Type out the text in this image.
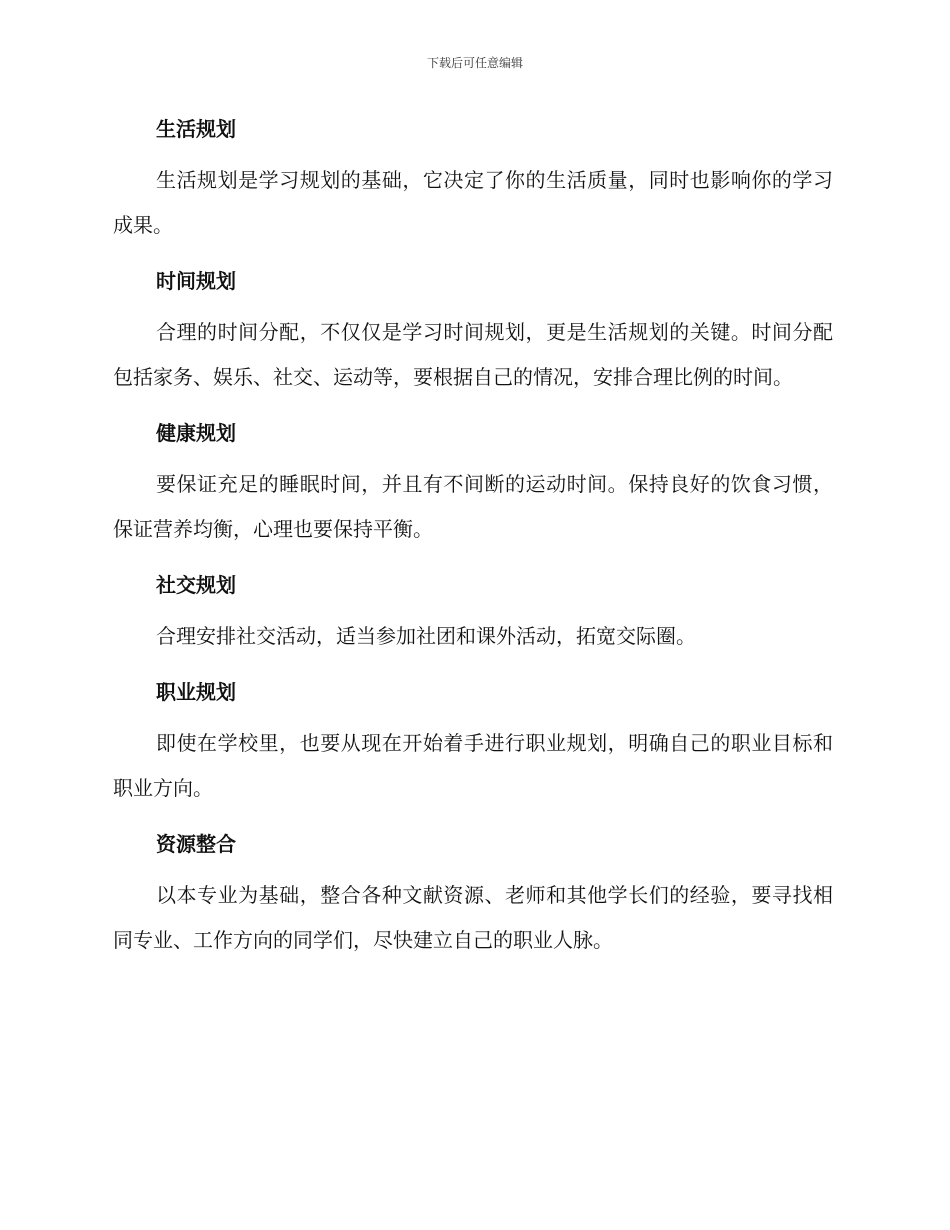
下载后可任意编辑
生活规划

生活规划是学习规划的基础，它决定了你的生活质量，同时也影响你的学习成果。

时间规划

合理的时间分配，不仅仅是学习时间规划，更是生活规划的关键。时间分配包括家务、娱乐、社交、运动等，要根据自己的情况，安排合理比例的时间。

健康规划

要保证充足的睡眠时间，并且有不间断的运动时间。保持良好的饮食习惯，保证营养均衡，心理也要保持平衡。

社交规划

合理安排社交活动，适当参加社团和课外活动，拓宽交际圈。

职业规划

即使在学校里，也要从现在开始着手进行职业规划，明确自己的职业目标和职业方向。

资源整合

以本专业为基础，整合各种文献资源、老师和其他学长们的经验，要寻找相同专业、工作方向的同学们，尽快建立自己的职业人脉。
